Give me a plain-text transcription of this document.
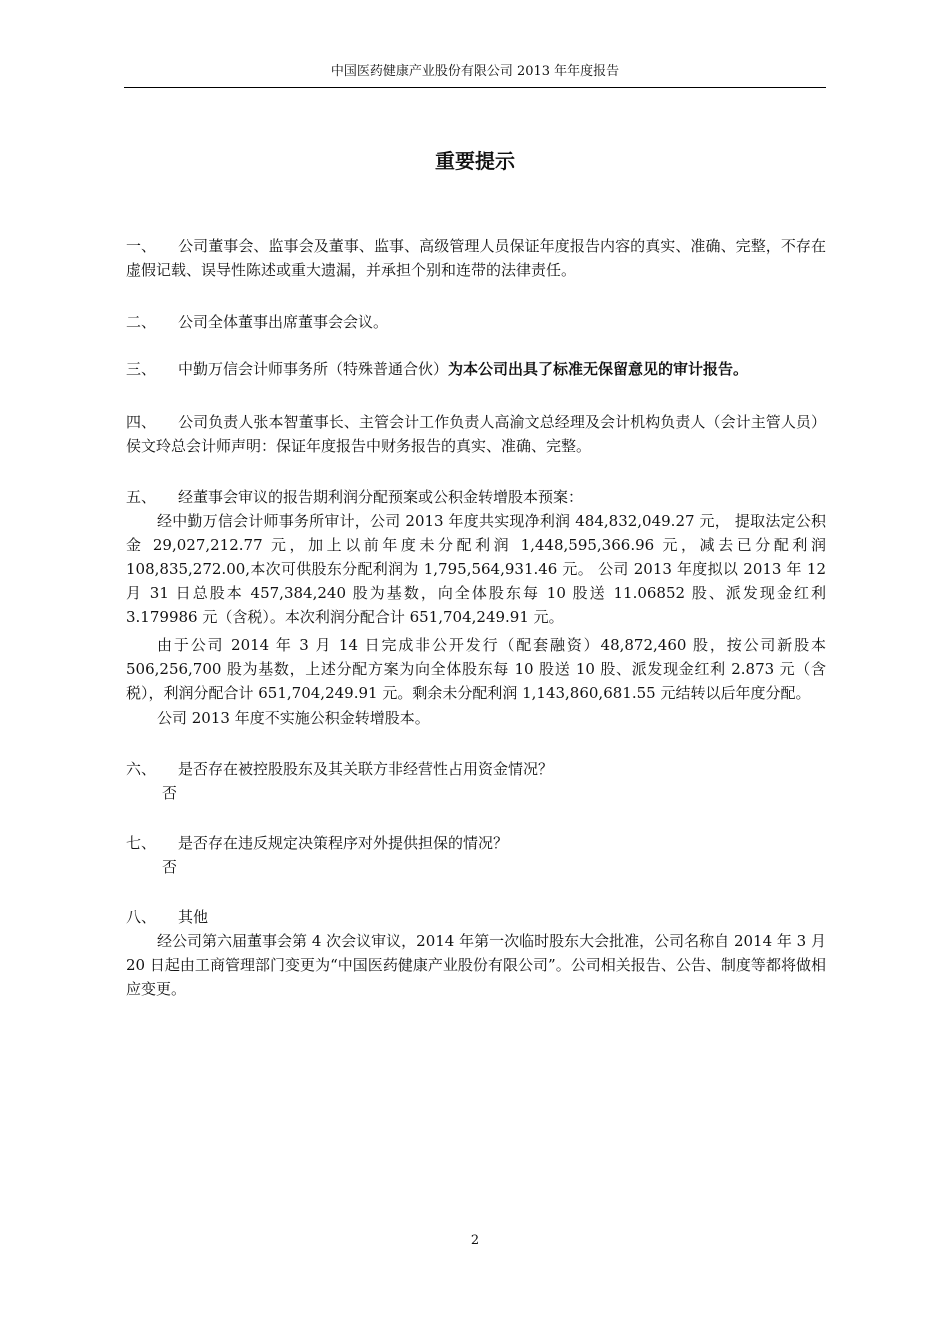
中国医药健康产业股份有限公司 2013 年年度报告
重要提示
一、 公司董事会、监事会及董事、监事、高级管理人员保证年度报告内容的真实、准确、完整，不存在虚假记载、误导性陈述或重大遗漏，并承担个别和连带的法律责任。
二、 公司全体董事出席董事会会议。
三、 中勤万信会计师事务所（特殊普通合伙）为本公司出具了标准无保留意见的审计报告。
四、 公司负责人张本智董事长、主管会计工作负责人高渝文总经理及会计机构负责人（会计主管人员）侯文玲总会计师声明：保证年度报告中财务报告的真实、准确、完整。
五、 经董事会审议的报告期利润分配预案或公积金转增股本预案：
经中勤万信会计师事务所审计，公司 2013 年度共实现净利润 484,832,049.27 元， 提取法定公积金 29,027,212.77 元，加上以前年度未分配利润 1,448,595,366.96 元，减去已分配利润 108,835,272.00,本次可供股东分配利润为 1,795,564,931.46 元。 公司 2013 年度拟以 2013 年 12 月 31 日总股本 457,384,240 股为基数，向全体股东每 10 股送 11.06852 股、派发现金红利 3.179986 元（含税）。本次利润分配合计 651,704,249.91 元。
由于公司 2014 年 3 月 14 日完成非公开发行（配套融资）48,872,460 股，按公司新股本 506,256,700 股为基数，上述分配方案为向全体股东每 10 股送 10 股、派发现金红利 2.873 元（含税），利润分配合计 651,704,249.91 元。剩余未分配利润 1,143,860,681.55 元结转以后年度分配。
公司 2013 年度不实施公积金转增股本。
六、 是否存在被控股股东及其关联方非经营性占用资金情况？
否
七、 是否存在违反规定决策程序对外提供担保的情况？
否
八、 其他
经公司第六届董事会第 4 次会议审议，2014 年第一次临时股东大会批准，公司名称自 2014 年 3 月 20 日起由工商管理部门变更为“中国医药健康产业股份有限公司”。公司相关报告、公告、制度等都将做相应变更。
2
